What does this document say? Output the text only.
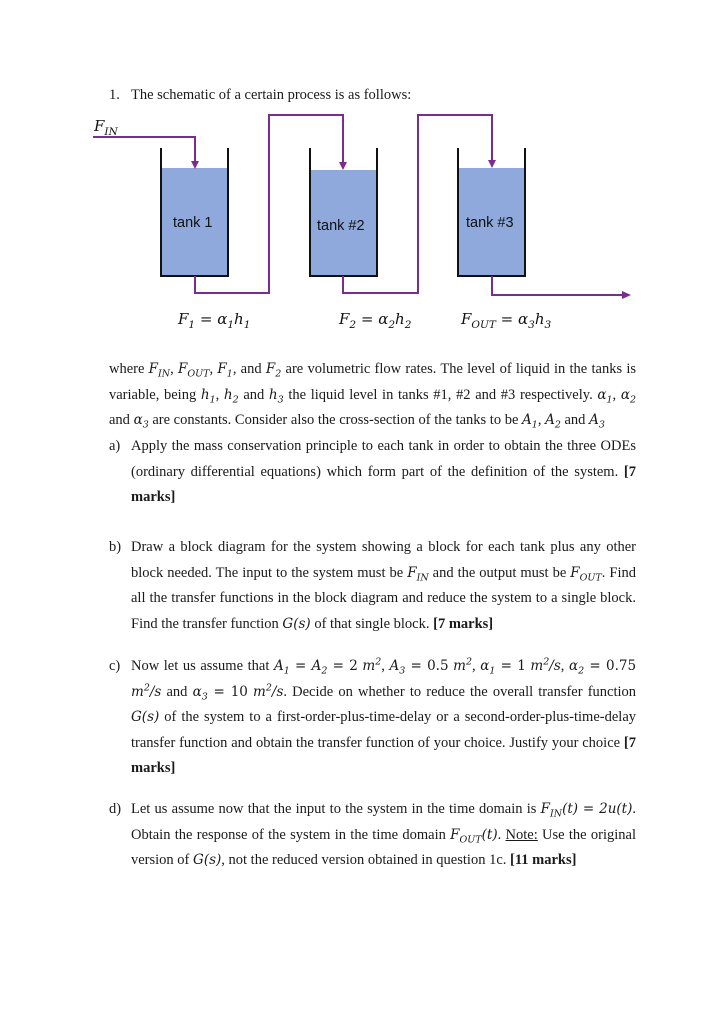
1. The schematic of a certain process is as follows:
$F_{IN}$
tank 1	tank #2	tank #3
$F_1 = \alpha_1h_1$	$F_2 = \alpha_2h_2$	$F_{OUT} = \alpha_3h_3$
where $F_{IN}$, $F_{OUT}$, $F_1$, and $F_2$ are volumetric flow rates. The level of liquid in the tanks is variable, being $h_1$, $h_2$ and $h_3$ the liquid level in tanks #1, #2 and #3 respectively. $\alpha_1$, $\alpha_2$ and $\alpha_3$ are constants. Consider also the cross-section of the tanks to be $A_1$, $A_2$ and $A_3$
a) Apply the mass conservation principle to each tank in order to obtain the three ODEs (ordinary differential equations) which form part of the definition of the system. [7 marks]
b) Draw a block diagram for the system showing a block for each tank plus any other block needed. The input to the system must be $F_{IN}$ and the output must be $F_{OUT}$. Find all the transfer functions in the block diagram and reduce the system to a single block. Find the transfer function G(s) of that single block. [7 marks]
c) Now let us assume that $A_1 = A_2 = 2$ $m^2$, $A_3 = 0.5$ $m^2$, $\alpha_1 = 1$ $m^2/s$, $\alpha_2 = 0.75$ $m^2/s$ and $\alpha_3 = 10$ $m^2/s$. Decide on whether to reduce the overall transfer function G(s) of the system to a first-order-plus-time-delay or a second-order-plus-time-delay transfer function and obtain the transfer function of your choice. Justify your choice [7 marks]
d) Let us assume now that the input to the system in the time domain is $F_{IN}(t) = 2u(t)$. Obtain the response of the system in the time domain $F_{OUT}(t)$. Note: Use the original version of G(s), not the reduced version obtained in question 1c. [11 marks]
